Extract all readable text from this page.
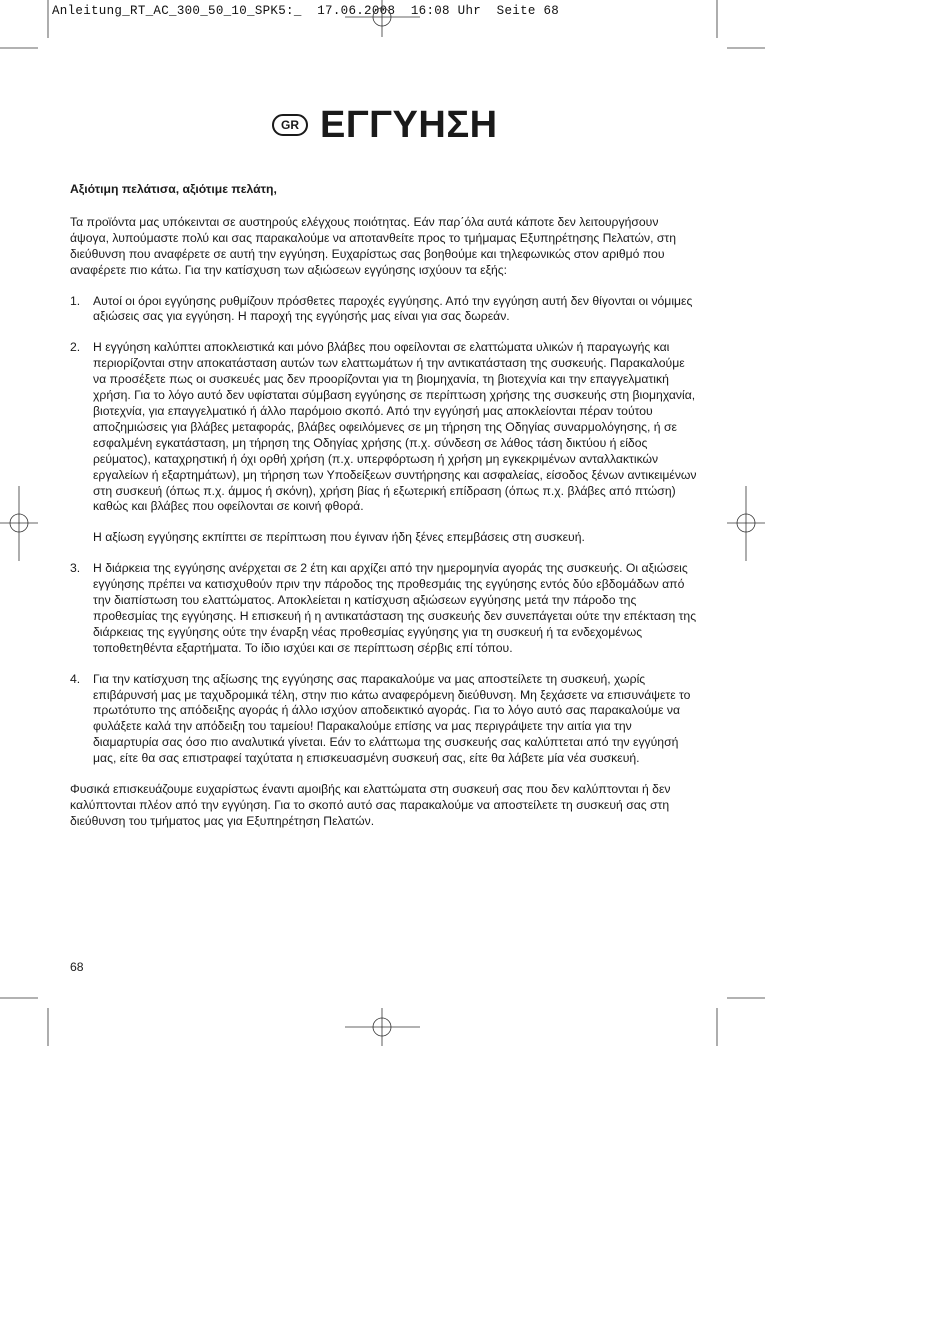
Anleitung_RT_AC_300_50_10_SPK5:_  17.06.2008  16:08 Uhr  Seite 68
GR ΕΓΓΥΗΣΗ

Αξιότιμη πελάτισα, αξιότιμε πελάτη,

Τα προϊόντα μας υπόκεινται σε αυστηρούς ελέγχους ποιότητας. Εάν παρ΄όλα αυτά κάποτε δεν λειτουργήσουν άψογα, λυπούμαστε πολύ και σας παρακαλούμε να αποτανθείτε προς το τμήμαμας Εξυπηρέτησης Πελατών, στη διεύθυνση που αναφέρετε σε αυτή την εγγύηση. Ευχαρίστως σας βοηθούμε και τηλεφωνικώς στον αριθμό που αναφέρετε πιο κάτω. Για την κατίσχυση των αξιώσεων εγγύησης ισχύουν τα εξής:

1. Αυτοί οι όροι εγγύησης ρυθμίζουν πρόσθετες παροχές εγγύησης. Από την εγγύηση αυτή δεν θίγονται οι νόμιμες αξιώσεις σας για εγγύηση. Η παροχή της εγγύησής μας είναι για σας δωρεάν.
2. Η εγγύηση καλύπτει αποκλειστικά και μόνο βλάβες που οφείλονται σε ελαττώματα υλικών ή παραγωγής και περιορίζονται στην αποκατάσταση αυτών των ελαττωμάτων ή την αντικατάσταση της συσκευής. Παρακαλούμε να προσέξετε πως οι συσκευές μας δεν προορίζονται για τη βιομηχανία, τη βιοτεχνία και την επαγγελματική χρήση. Για το λόγο αυτό δεν υφίσταται σύμβαση εγγύησης σε περίπτωση χρήσης της συσκευής στη βιομηχανία, βιοτεχνία, για επαγγελματικό ή άλλο παρόμοιο σκοπό. Από την εγγύησή μας αποκλείονται πέραν τούτου αποζημιώσεις για βλάβες μεταφοράς, βλάβες οφειλόμενες σε μη τήρηση της Οδηγίας συναρμολόγησης, ή σε εσφαλμένη εγκατάσταση, μη τήρηση της Οδηγίας χρήσης (π.χ. σύνδεση σε λάθος τάση δικτύου ή είδος ρεύματος), καταχρηστική ή όχι ορθή χρήση (π.χ. υπερφόρτωση ή χρήση μη εγκεκριμένων ανταλλακτικών εργαλείων ή εξαρτημάτων), μη τήρηση των Υποδείξεων συντήρησης και ασφαλείας, είσοδος ξένων αντικειμένων στη συσκευή (όπως π.χ. άμμος ή σκόνη), χρήση βίας ή εξωτερική επίδραση (όπως π.χ. βλάβες από πτώση) καθώς και βλάβες που οφείλονται σε κοινή φθορά.
Η αξίωση εγγύησης εκπίπτει σε περίπτωση που έγιναν ήδη ξένες επεμβάσεις στη συσκευή.
3. Η διάρκεια της εγγύησης ανέρχεται σε 2 έτη και αρχίζει από την ημερομηνία αγοράς της συσκευής. Οι αξιώσεις εγγύησης πρέπει να κατισχυθούν πριν την πάροδος της προθεσμάις της εγγύησης εντός δύο εβδομάδων από την διαπίστωση του ελαττώματος. Αποκλείεται η κατίσχυση αξιώσεων εγγύησης μετά την πάροδο της προθεσμίας της εγγύησης. Η επισκευή ή η αντικατάσταση της συσκευής δεν συνεπάγεται ούτε την επέκταση της διάρκειας της εγγύησης ούτε την έναρξη νέας προθεσμίας εγγύησης για τη συσκευή ή τα ενδεχομένως τοποθετηθέντα εξαρτήματα. Το ίδιο ισχύει και σε περίπτωση σέρβις επί τόπου.
4. Για την κατίσχυση της αξίωσης της εγγύησης σας παρακαλούμε να μας αποστείλετε τη συσκευή, χωρίς επιβάρυνσή μας με ταχυδρομικά τέλη, στην πιο κάτω αναφερόμενη διεύθυνση. Μη ξεχάσετε να επισυνάψετε το πρωτότυπο της απόδειξης αγοράς ή άλλο ισχύον αποδεικτικό αγοράς. Για το λόγο αυτό σας παρακαλούμε να φυλάξετε καλά την απόδειξη του ταμείου! Παρακαλούμε επίσης να μας περιγράψετε την αιτία για την διαμαρτυρία σας όσο πιο αναλυτικά γίνεται. Εάν το ελάττωμα της συσκευής σας καλύπτεται από την εγγύησή μας, είτε θα σας επιστραφεί ταχύτατα η επισκευασμένη συσκευή σας, είτε θα λάβετε μία νέα συσκευή.

Φυσικά επισκευάζουμε ευχαρίστως έναντι αμοιβής και ελαττώματα στη συσκευή σας που δεν καλύπτονται ή δεν καλύπτονται πλέον από την εγγύηση. Για το σκοπό αυτό σας παρακαλούμε να αποστείλετε τη συσκευή σας στη διεύθυνση του τμήματος μας για Εξυπηρέτηση Πελατών.

68
